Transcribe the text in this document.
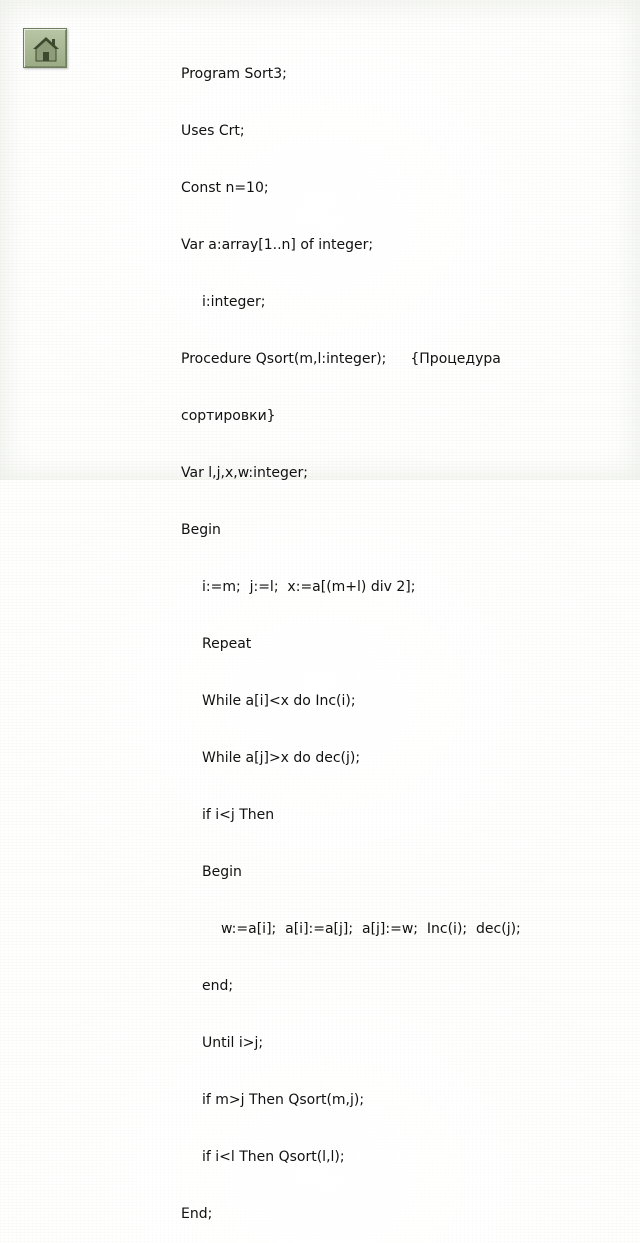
Program Sort3;

Uses Crt;

Const n=10;

Var a:array[1..n] of integer;

i:integer;

Procedure Qsort(m,l:integer); {Процедура

сортировки}

Var l,j,x,w:integer;

Begin

i:=m;  j:=l;  x:=a[(m+l) div 2];

Repeat

While a[i]<x do Inc(i);

While a[j]>x do dec(j);

if i<j Then

Begin

w:=a[i];  a[i]:=a[j];  a[j]:=w;  Inc(i);  dec(j);

end;

Until i>j;

if m>j Then Qsort(m,j);

if i<l Then Qsort(l,l);

End;
